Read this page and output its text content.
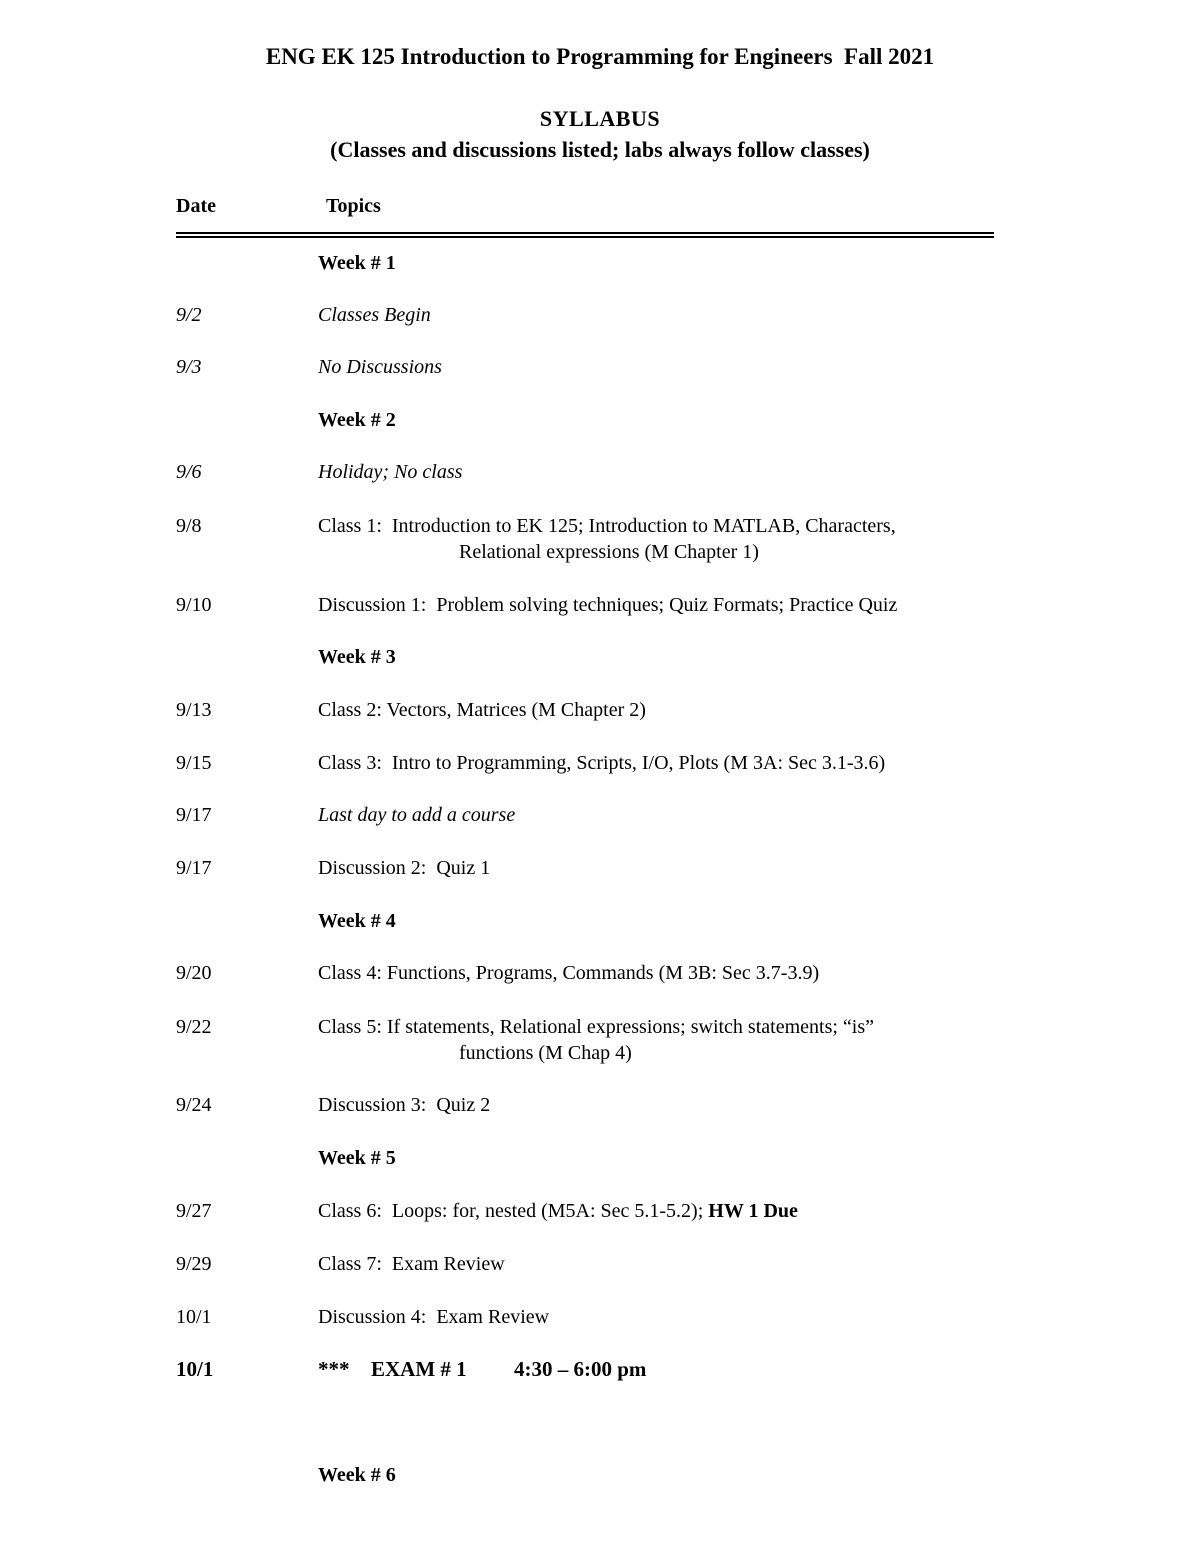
ENG EK 125 Introduction to Programming for Engineers  Fall 2021
SYLLABUS
(Classes and discussions listed; labs always follow classes)
Date	Topics
Week # 1
9/2	Classes Begin
9/3	No Discussions
Week # 2
9/6	Holiday; No class
9/8	Class 1:  Introduction to EK 125; Introduction to MATLAB, Characters,
Relational expressions (M Chapter 1)
9/10	Discussion 1:  Problem solving techniques; Quiz Formats; Practice Quiz
Week # 3
9/13	Class 2: Vectors, Matrices (M Chapter 2)
9/15	Class 3:  Intro to Programming, Scripts, I/O, Plots (M 3A: Sec 3.1-3.6)
9/17	Last day to add a course
9/17	Discussion 2:  Quiz 1
Week # 4
9/20	Class 4: Functions, Programs, Commands (M 3B: Sec 3.7-3.9)
9/22	Class 5: If statements, Relational expressions; switch statements; “is”
functions (M Chap 4)
9/24	Discussion 3:  Quiz 2
Week # 5
9/27	Class 6:  Loops: for, nested (M5A: Sec 5.1-5.2); HW 1 Due
9/29	Class 7:  Exam Review
10/1	Discussion 4:  Exam Review
10/1	*** EXAM # 1 4:30 – 6:00 pm
Week # 6
